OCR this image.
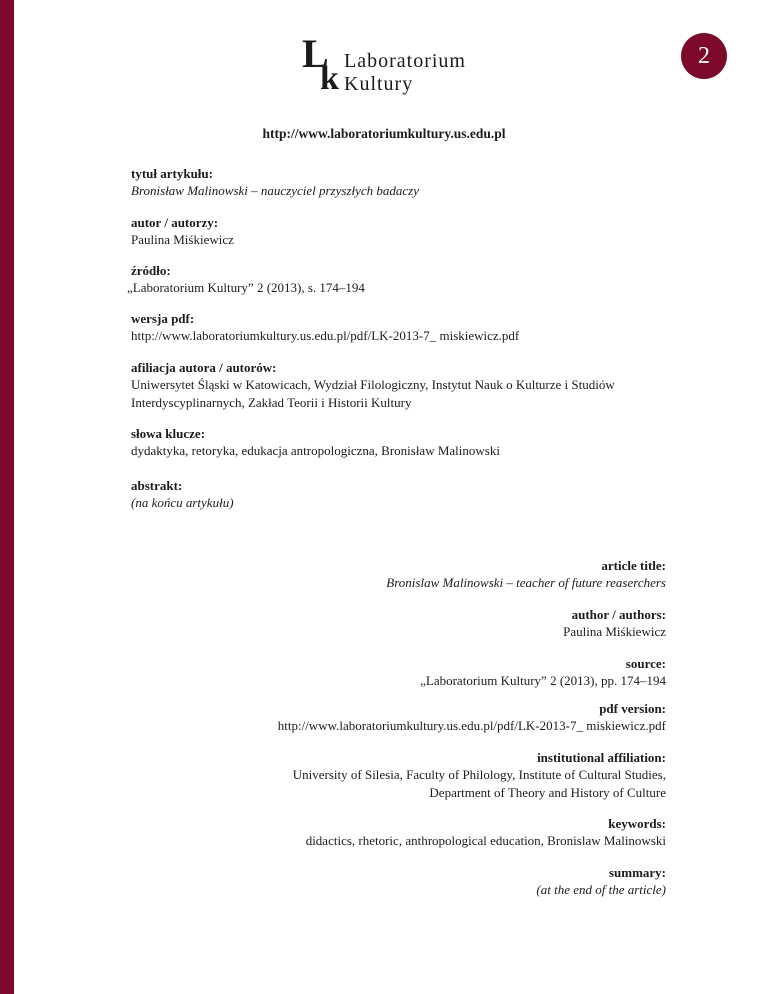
L
k Laboratorium
Kultury
2
http://www.laboratoriumkultury.us.edu.pl
tytuł artykułu:
Bronisław Malinowski – nauczyciel przyszłych badaczy
autor / autorzy:
Paulina Miśkiewicz
źródło:
„Laboratorium Kultury” 2 (2013), s. 174–194
wersja pdf:
http://www.laboratoriumkultury.us.edu.pl/pdf/LK-2013-7_ miskiewicz.pdf
afiliacja autora / autorów:
Uniwersytet Śląski w Katowicach, Wydział Filologiczny, Instytut Nauk o Kulturze i Studiów
Interdyscyplinarnych, Zakład Teorii i Historii Kultury
słowa klucze:
dydaktyka, retoryka, edukacja antropologiczna, Bronisław Malinowski
abstrakt:
(na końcu artykułu)
article title:
Bronislaw Malinowski – teacher of future reaserchers
author / authors:
Paulina Miśkiewicz
source:
„Laboratorium Kultury” 2 (2013), pp. 174–194
pdf version:
http://www.laboratoriumkultury.us.edu.pl/pdf/LK-2013-7_ miskiewicz.pdf
institutional affiliation:
University of Silesia, Faculty of Philology, Institute of Cultural Studies,
Department of Theory and History of Culture
keywords:
didactics, rhetoric, anthropological education, Bronislaw Malinowski
summary:
(at the end of the article)
